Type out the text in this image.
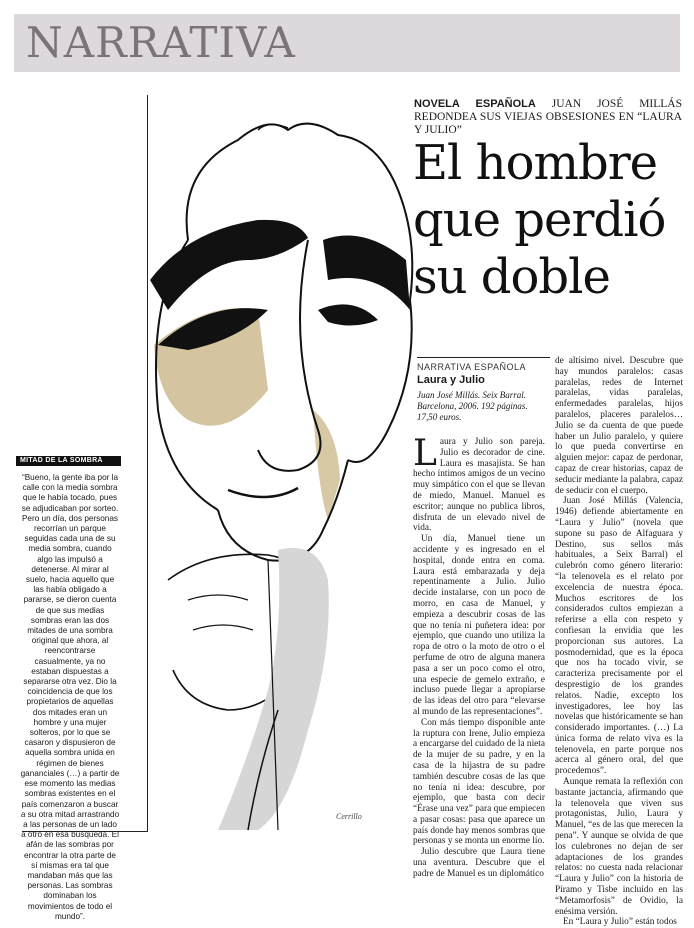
NARRATIVA
Cerrillo
NOVELA ESPAÑOLA JUAN JOSÉ MILLÁS REDONDEA SUS VIEJAS OBSESIONES EN “LAURA Y JULIO”
El hombre
que perdió
su doble
NARRATIVA ESPAÑOLA
Laura y Julio
Juan José Millás. Seix Barral. Barcelona, 2006. 192 páginas. 17,50 euros.
MITAD DE LA SOMBRA
“Bueno, la gente iba por la calle con la media sombra que le había tocado, pues se adjudicaban por sorteo. Pero un día, dos personas recorrían un parque seguidas cada una de su media sombra, cuando algo las impulsó a detenerse. Al mirar al suelo, hacia aquello que las había obligado a pararse, se dieron cuenta de que sus medias sombras eran las dos mitades de una sombra original que ahora, al reencontrarse casualmente, ya no estaban dispuestas a separarse otra vez. Dio la coincidencia de que los propietarios de aquellas dos mitades eran un hombre y una mujer solteros, por lo que se casaron y dispusieron de aquella sombra unida en régimen de bienes gananciales (…) a partir de ese momento las medias sombras existentes en el país comenzaron a buscar a su otra mitad arrastrando a las personas de un lado a otro en esa búsqueda. El afán de las sombras por encontrar la otra parte de sí mismas era tal que mandaban más que las personas. Las sombras dominaban los movimientos de todo el mundo”.

Laura y Julio son pareja. Julio es decorador de cine. Laura es masajista. Se han hecho íntimos amigos de un vecino muy simpático con el que se llevan de miedo, Manuel. Manuel es escritor; aunque no publica libros, disfruta de un elevado nivel de vida.

Un día, Manuel tiene un accidente y es ingresado en el hospital, donde entra en coma. Laura está embarazada y deja repentinamente a Julio. Julio decide instalarse, con un poco de morro, en casa de Manuel, y empieza a descubrir cosas de las que no tenía ni puñetera idea: por ejemplo, que cuando uno utiliza la ropa de otro o la moto de otro o el perfume de otro de alguna manera pasa a ser un poco como el otro, una especie de gemelo extraño, e incluso puede llegar a apropiarse de las ideas del otro para “elevarse al mundo de las representaciones”.

Con más tiempo disponible ante la ruptura con Irene, Julio empieza a encargarse del cuidado de la nieta de la mujer de su padre, y en la casa de la hijastra de su padre también descubre cosas de las que no tenía ni idea: descubre, por ejemplo, que basta con decir “Érase una vez” para que empiecen a pasar cosas: pasa que aparece un país donde hay menos sombras que personas y se monta un enorme lío.

Julio descubre que Laura tiene una aventura. Descubre que el padre de Manuel es un diplomático

de altísimo nivel. Descubre que hay mundos paralelos: casas paralelas, redes de Internet paralelas, vidas paralelas, enfermedades paralelas, hijos paralelos, placeres paralelos… Julio se da cuenta de que puede haber un Julio paralelo, y quiere lo que pueda convertirse en alguien mejor: capaz de perdonar, capaz de crear historias, capaz de seducir mediante la palabra, capaz de seducir con el cuerpo.

Juan José Millás (Valencia, 1946) defiende abiertamente en “Laura y Julio” (novela que supone su paso de Alfaguara y Destino, sus sellos más habituales, a Seix Barral) el culebrón como género literario: “la telenovela es el relato por excelencia de nuestra época. Muchos escritores de los considerados cultos empiezan a referirse a ella con respeto y confiesan la envidia que les proporcionan sus autores. La posmodernidad, que es la época que nos ha tocado vivir, se caracteriza precisamente por el desprestigio de los grandes relatos. Nadie, excepto los investigadores, lee hoy las novelas que históricamente se han considerado importantes. (…) La única forma de relato viva es la telenovela, en parte porque nos acerca al género oral, del que procedemos”.

Aunque remata la reflexión con bastante jactancia, afirmando que la telenovela que viven sus protagonistas, Julio, Laura y Manuel, “es de las que merecen la pena”. Y aunque se olvida de que los culebrones no dejan de ser adaptaciones de los grandes relatos: no cuesta nada relacionar “Laura y Julio” con la historia de Píramo y Tisbe incluido en las “Metamorfosis” de Ovidio, la enésima versión.

En “Laura y Julio” están todos
